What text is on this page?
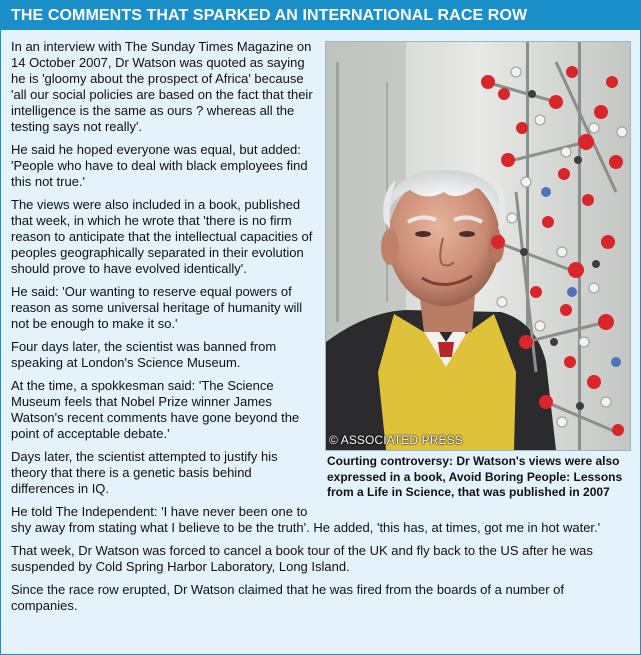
THE COMMENTS THAT SPARKED AN INTERNATIONAL RACE ROW
© ASSOCIATED PRESS
Courting controversy: Dr Watson's views were also expressed in a book, Avoid Boring People: Lessons from a Life in Science, that was published in 2007

In an interview with The Sunday Times Magazine on 14 October 2007, Dr Watson was quoted as saying he is 'gloomy about the prospect of Africa' because 'all our social policies are based on the fact that their intelligence is the same as ours ? whereas all the testing says not really'.

He said he hoped everyone was equal, but added: 'People who have to deal with black employees find this not true.'

The views were also included in a book, published that week, in which he wrote that 'there is no firm reason to anticipate that the intellectual capacities of peoples geographically separated in their evolution should prove to have evolved identically'.

He said: 'Our wanting to reserve equal powers of reason as some universal heritage of humanity will not be enough to make it so.'

Four days later, the scientist was banned from speaking at London's Science Museum.

At the time, a spokkesman said: 'The Science Museum feels that Nobel Prize winner James Watson's recent comments have gone beyond the point of acceptable debate.'

Days later, the scientist attempted to justify his theory that there is a genetic basis behind differences in IQ.

He told The Independent: 'I have never been one to shy away from stating what I believe to be the truth'. He added, 'this has, at times, got me in hot water.'

That week, Dr Watson was forced to cancel a book tour of the UK and fly back to the US after he was suspended by Cold Spring Harbor Laboratory, Long Island.

Since the race row erupted, Dr Watson claimed that he was fired from the boards of a number of companies.
